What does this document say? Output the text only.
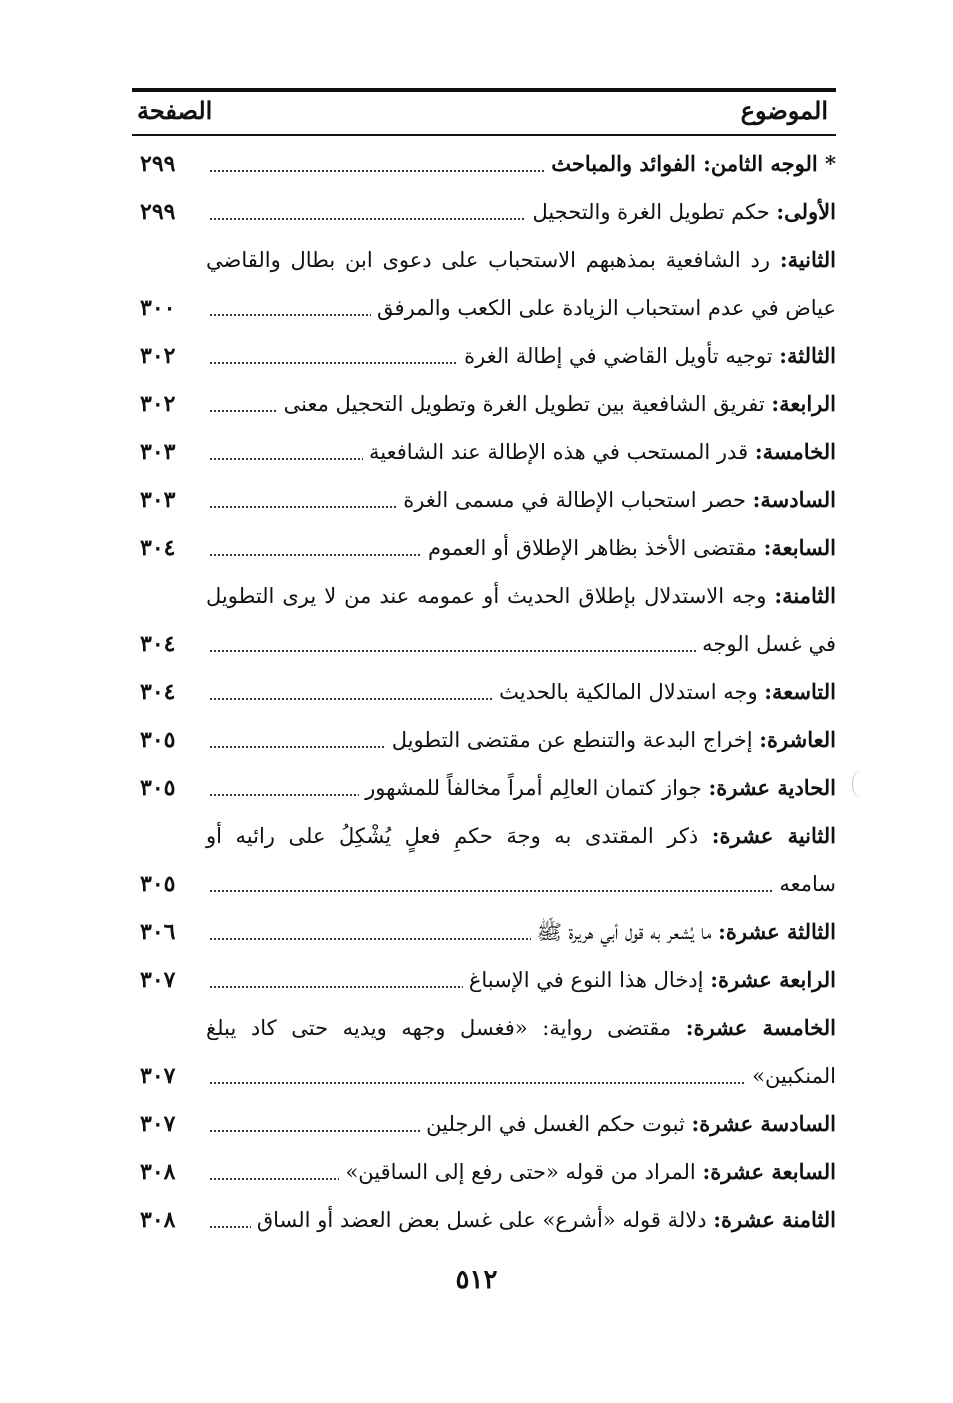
الموضوع
الصفحة
* الوجه الثامن: الفوائد والمباحث
٢٩٩
الأولى: حكم تطويل الغرة والتحجيل
٢٩٩
الثانية: رد الشافعية بمذهبهم الاستحباب على دعوى ابن بطال والقاضي
عياض في عدم استحباب الزيادة على الكعب والمرفق
٣٠٠
الثالثة: توجيه تأويل القاضي في إطالة الغرة
٣٠٢
الرابعة: تفريق الشافعية بين تطويل الغرة وتطويل التحجيل معنى
٣٠٢
الخامسة: قدر المستحب في هذه الإطالة عند الشافعية
٣٠٣
السادسة: حصر استحباب الإطالة في مسمى الغرة
٣٠٣
السابعة: مقتضى الأخذ بظاهر الإطلاق أو العموم
٣٠٤
الثامنة: وجه الاستدلال بإطلاق الحديث أو عمومه عند من لا يرى التطويل
في غسل الوجه
٣٠٤
التاسعة: وجه استدلال المالكية بالحديث
٣٠٤
العاشرة: إخراج البدعة والتنطع عن مقتضى التطويل
٣٠٥
الحادية عشرة: جواز كتمان العالِم أمراً مخالفاً للمشهور
٣٠٥
الثانية عشرة: ذكر المقتدى به وجهَ حكمِ فعلٍ يُشْكِلُ على رائيه أو
سامعه
٣٠٥
الثالثة عشرة: ما يُشعر به قول أبي هريرة ﷺ
٣٠٦
الرابعة عشرة: إدخال هذا النوع في الإسباغ
٣٠٧
الخامسة عشرة: مقتضى رواية: «فغسل وجهه ويديه حتى كاد يبلغ
المنكبين»
٣٠٧
السادسة عشرة: ثبوت حكم الغسل في الرجلين
٣٠٧
السابعة عشرة: المراد من قوله «حتى رفع إلى الساقين»
٣٠٨
الثامنة عشرة: دلالة قوله «أشرع» على غسل بعض العضد أو الساق
٣٠٨
٥١٢
